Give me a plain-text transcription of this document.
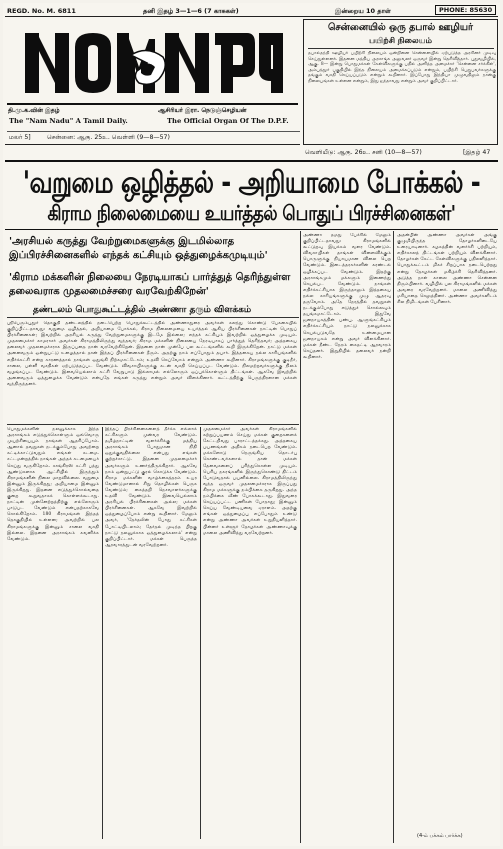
REGD. No. M. 6811	தனி இதழ் 3—1—6 (7 காசுகள்)	இன்றைய 10 தாள்	PHONE: 85630
தி.மு.க.வின் இதழ்	ஆசிரியர் இரா. நெடுஞ்செழியன்
The "Nam Nadu" A Tamil Daily.	The Official Organ Of The D.P.F.
மலர் 5]	சென்னை: ஆகு. 25உ. வெள்ளி (9—8—57)
சென்னையில் ஒரு தபால் ஊழியர்
பயிற்சி நிலையம்
தபால்தந்தி ஊழியர் பயிற்சி நிலையம் ஒன்றினை சென்னையில் ஏற்படுத்த அரசினர் முடிவு செய்துள்ளனர். இதனை மத்திய அரசாங்க அலுவலர் ஒருவர் இன்று தெரிவித்தார். புதுவழியில், ஆகு. 8— இன்று பொதுமக்கள் கேள்விகளுக்கு பதில் அளித்த அமைச்சர் 'சென்னை சர்க்கிள்', அம்பத்தூர் பகுதியில் இந்த நிலையம் அமைக்கப்படும் என்றும், பயிற்சி பெறுபவர்களுக்கு தங்கும் வசதி செய்யப்படும் என்றும் கூறினார். இப்போது இந்தியா முழுவதிலும் நான்கு நிலையங்கள் உள்ளன என்றும், இது ஐந்தாவது என்றும் அவர் குறிப்பிட்டார்.
வெளியீடு: ஆகு. 26உ. சனி (10—8—57)	[இதழ் 47
'வறுமை ஒழித்தல் - அறியாமை போக்கல் -
கிராம நிலைமையை உயர்த்தல் பொதுப் பிரச்சினைகள்'
'அரசியல் கருத்து வேற்றுமைகளுக்கு இடமில்லாத இப்பிரச்சினைகளில் எந்தக் கட்சியும் ஒத்துழைக்கமுடியும்'
'கிராம மக்களின் நிலையை நேரடியாகப் பார்த்துத் தெரிந்துள்ள தலைவராக முதலமைச்சரை வரவேற்கிறேன்'
தண்டலம் பொதுகூட்டத்தில் அண்ணா தரும் விளக்கம்
அதன்பின் அண்ணா அவர்கள் அங்கு குழுமியிருந்த தோழர்களிடையே உரையாடினார். கழகத்தின் வளர்ச்சி பற்றியும், எதிர்காலத் திட்டங்கள் பற்றியும் விளக்கினார். தோழர்கள் கேட்ட கேள்விகளுக்கு பதிலளித்தார். பொதுக்கூட்டம் மிகச் சிறப்பாக நடைபெற்றது என்று தோழர்கள் மகிழ்ச்சி தெரிவித்தனர். அடுத்த நாள் காலை அண்ணா சென்னை திரும்பினார். வழியில் பல கிராமங்களில் மக்கள் அவரை வரவேற்றனர். மாலை அணிவித்து மரியாதை செலுத்தினர். அண்ணா அவர்களிடம் சில நிமிடங்கள் பேசினார்.
அண்ணா தமது பேச்சில் மேலும் குறிப்பிட்டதாவது: கிராமங்களில் கூட்டுறவு இயக்கம் வளர வேண்டும். விவசாயிகள் தாங்கள் விளைவிக்கும் பொருளுக்கு நியாயமான விலை பெற வேண்டும். இடைத்தரகர்களின் சுரண்டல் ஒழிக்கப்பட வேண்டும். இதற்கு அரசாங்கமும் மக்களும் இணைந்து செயல்பட வேண்டும். நாங்கள் எதிர்க்கட்சியாக இருந்தாலும் இத்தகைய நல்ல காரியங்களுக்கு முழு ஆதரவு தருவோம். அதே நேரத்தில் தவறுகள் நடக்கும்போது எடுத்துச் சொல்லவும் தயங்கமாட்டோம். இதுவே ஜனநாயகத்தின் பண்பு. ஆளுங்கட்சியும் எதிர்க்கட்சியும் நாட்டு நலனுக்காக செயல்படுவதே உண்மையான ஜனநாயகம் என்று அவர் விளக்கினார். மக்கள் நீண்ட நேரம் கைதட்டி ஆரவாரம் செய்தனர். இறுதியில் தலைவர் நன்றி கூறினார்.
ஸ்ரீபெரும்புதூர் தொகுதி தண்டலத்தில் நடைபெற்ற பொதுக்கூட்டத்தில் அண்ணாதுரை அவர்கள் கலந்து கொண்டு பேசுகையில் குறிப்பிட்டதாவது: வறுமை ஒழித்தல், அறியாமை போக்கல், கிராம நிலைமையை உயர்த்தல் ஆகிய பிரச்சினைகள் நாட்டின் பொதுப் பிரச்சினைகள்; இவற்றில் அரசியல் கருத்து வேற்றுமைகளுக்கு இடமே இல்லை; எந்தக் கட்சியும் இவற்றில் ஒத்துழைக்க முடியும். முதலமைச்சர் காமராசர் அவர்கள் கிராமத்திலிருந்து வந்தவர்; கிராம மக்களின் நிலையை நேரடியாகப் பார்த்துத் தெரிந்தவர்; அத்தகைய தலைவர் முதலமைச்சராக இருப்பதை நான் வரவேற்கிறேன். இதனை நான் முன்பே பல கூட்டங்களில் கூறி இருக்கிறேன். நாட்டு மக்கள் அனைவரும் ஒன்றுபட்டு உழைத்தால் தான் இந்தப் பிரச்சினைகள் தீரும். அதற்கு நாம் எப்போதும் தயார். இத்தகைய நல்ல காரியங்களில் எதிர்க்கட்சி என்ற காரணத்தால் நாங்கள் ஒதுங்கி நிற்கமாட்டோம்; உதவி செய்வோம் என்றும் அண்ணா கூறினார். கிராமங்களுக்கு குடிநீர், சாலை, பள்ளி வசதிகள் ஏற்படுத்தப்பட வேண்டும். விவசாயிகளுக்கு கடன் வசதி செய்யப்பட வேண்டும். நிலமற்றவர்களுக்கு நிலம் வழங்கப்பட வேண்டும். இவையெல்லாம் கட்சி வேறுபாடு இல்லாமல் எல்லோரும் ஒப்புக்கொள்ளும் திட்டங்கள். ஆகவே இவற்றில் அனைவரும் ஒத்துழைக்க வேண்டும் என்பதே எங்கள் கருத்து என்றும் அவர் விளக்கினார். கூட்டத்திற்கு பெருந்திரளான மக்கள் வந்திருந்தனர்.
பொதுமக்களின் நலனுக்காக இந்த அரசாங்கம் எடுத்துக்கொள்ளும் ஒவ்வொரு முயற்சியையும் நாங்கள் ஆதரிப்போம். ஆனால் தவறுகள் நடக்கும்போது அவற்றை சுட்டிக்காட்டுவதும் எங்கள் கடமை. சட்டமன்றத்தில் நாங்கள் அந்தக் கடமையைச் செய்து வருகிறோம். காங்கிரஸ் கட்சி பத்து ஆண்டுகளாக ஆட்சியில் இருந்தும் கிராமங்களின் நிலை மாறவில்லை. வறுமை இன்னும் இருக்கிறது; அறியாமை இன்னும் இருக்கிறது. இதனை எடுத்துச்சொல்வதை குறை கூறுவதாகக் கொள்ளக்கூடாது. நாட்டின் முன்னேற்றத்திற்கு எல்லோரும் பாடுபட வேண்டும் என்பதற்காகவே சொல்கிறோம். 180 கிராமங்கள் இந்தத் தொகுதியில் உள்ளன; அவற்றில் பல கிராமங்களுக்கு இன்னும் சாலை வசதி இல்லை. இதனை அரசாங்கம் கவனிக்க வேண்டும்.
இந்தப் பிரச்சினைகளைத் தீர்க்க எல்லாக் கட்சிகளும் முன்வர வேண்டும். தமிழ்நாட்டின் வளர்ச்சிக்கு மத்திய அரசாங்கம் போதுமான நிதி ஒதுக்குவதில்லை என்பது எங்கள் குற்றச்சாட்டு. இதனை முதலமைச்சர் அவர்களும் உணர்ந்திருக்கிறார். ஆகவே நாம் ஒன்றுபட்டு குரல் கொடுக்க வேண்டும். கிராம மக்களின் வாழ்க்கைத்தரம் உயர வேண்டுமானால் சிறு தொழில்கள் பெருக வேண்டும்; கைத்தறி நெசவாளர்களுக்கு உதவி வேண்டும். இவையெல்லாம் அரசியல் பிரச்சினைகள் அல்ல; மக்கள் பிரச்சினைகள். ஆகவே இவற்றில் ஒத்துழைப்போம் என்று கூறினார். மேலும் அவர், 'தேர்தலின் போது கட்சிகள் போட்டியிடலாம்; தேர்தல் முடிந்த பிறகு நாட்டு நலனுக்காக ஒத்துழைக்கலாம்' என்று குறிப்பிட்டார். மக்கள் பெருத்த ஆரவாரத்துடன் வரவேற்றனர்.
முதலமைச்சர் அவர்கள் கிராமங்களில் சுற்றுப்பயணம் செய்து மக்கள் குறைகளைக் கேட்டறிவது பாராட்டத்தக்கது. அத்தகைய பயணங்கள் அதிகம் நடைபெற வேண்டும். மக்களோடு நெருங்கிய தொடர்பு கொண்டவர்களால் தான் மக்கள் தேவைகளைப் புரிந்துகொள்ள முடியும். பெரிய நகரங்களில் இருந்துகொண்டு திட்டம் போடுவதால் பயனில்லை. கிராமத்திலிருந்து வந்த ஒருவர் முதலமைச்சராக இருப்பது கிராம மக்களுக்கு நம்பிக்கை தருகிறது. அந்த நம்பிக்கை வீண் போகக்கூடாது. இதுவரை செய்யப்பட்ட பணிகள் போதாது; இன்னும் செய்ய வேண்டியவை ஏராளம். அதற்கு எங்கள் ஒத்துழைப்பு எப்போதும் உண்டு என்று அண்ணா அவர்கள் உறுதியளித்தார். பின்னர் உள்ளூர் தோழர்கள் அண்ணாவுக்கு மாலை அணிவித்து வரவேற்றனர்.
(4-ம் பக்கம் பார்க்க)
